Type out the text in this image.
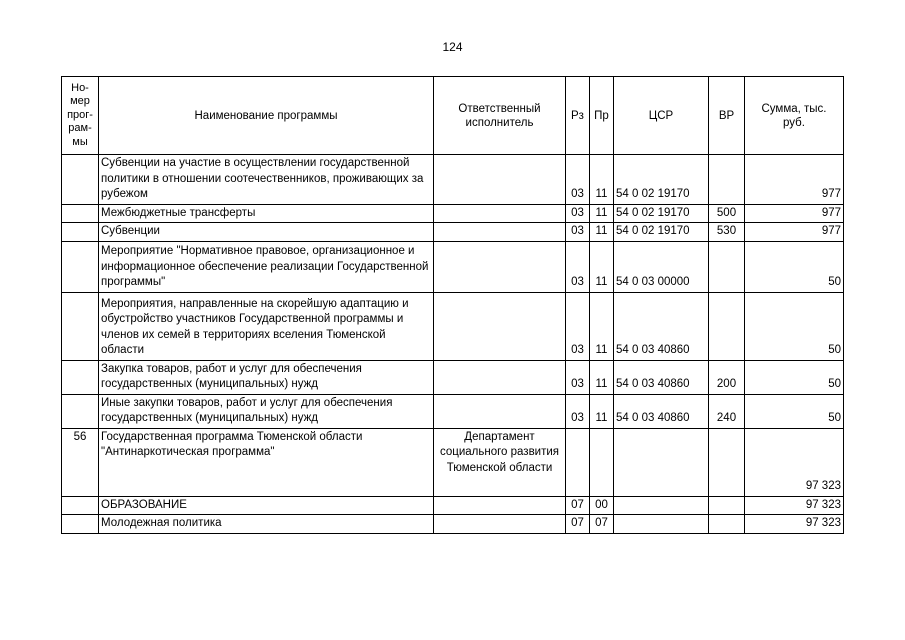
124
Но-мер прог-рам-мы	Наименование программы	Ответственный исполнитель	Рз	Пр	ЦСР	ВР	Сумма, тыс. руб.
	Субвенции на участие в осуществлении государственной политики в отношении соотечественников, проживающих за рубежом		03	11	54 0 02 19170		977
	Межбюджетные трансферты		03	11	54 0 02 19170	500	977
	Субвенции		03	11	54 0 02 19170	530	977
	Мероприятие "Нормативное правовое, организационное и информационное обеспечение реализации Государственной программы"		03	11	54 0 03 00000		50
	Мероприятия, направленные на скорейшую адаптацию и обустройство участников Государственной программы и членов их семей в территориях вселения Тюменской области		03	11	54 0 03 40860		50
	Закупка товаров, работ и услуг для обеспечения государственных (муниципальных) нужд		03	11	54 0 03 40860	200	50
	Иные закупки товаров, работ и услуг для обеспечения государственных (муниципальных) нужд		03	11	54 0 03 40860	240	50
56	Государственная программа Тюменской области "Антинаркотическая программа"	Департамент социального развития Тюменской области					97 323
	ОБРАЗОВАНИЕ		07	00			97 323
	Молодежная политика		07	07			97 323
